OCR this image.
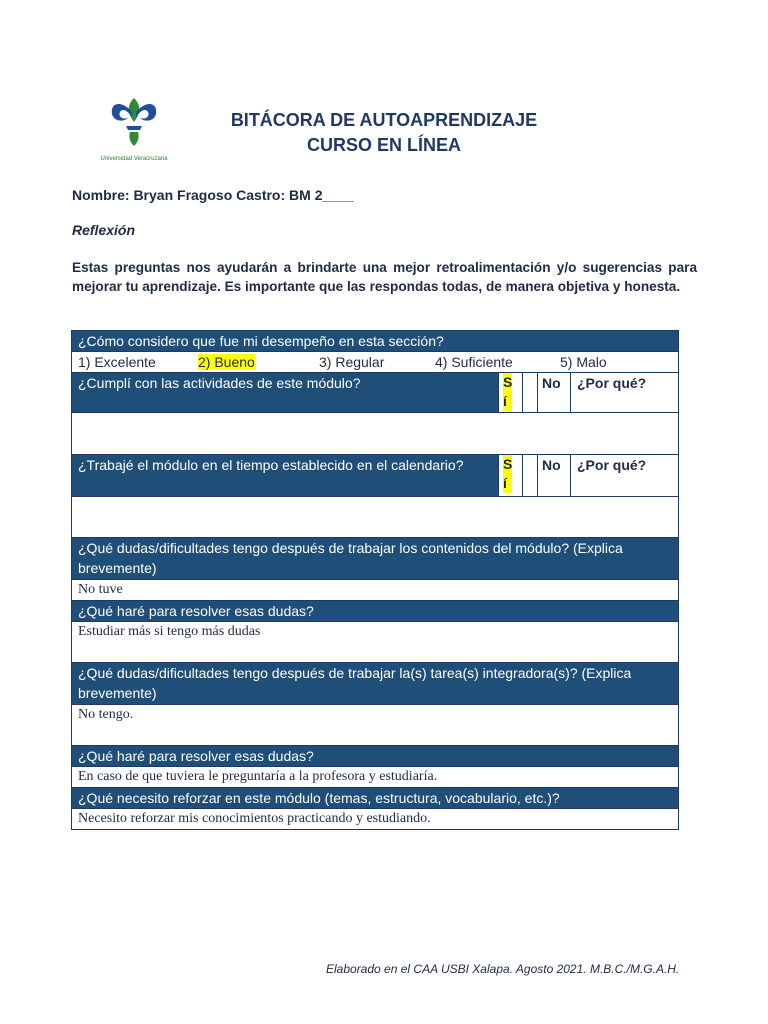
Universidad Veracruzana
BITÁCORA DE AUTOAPRENDIZAJE
CURSO EN LÍNEA
Nombre: Bryan Fragoso Castro: BM 2____
Reflexión
Estas preguntas nos ayudarán a brindarte una mejor retroalimentación y/o sugerencias para mejorar tu aprendizaje. Es importante que las respondas todas, de manera objetiva y honesta.
¿Cómo considero que fue mi desempeño en esta sección?				
1) Excelente 2) Bueno 3) Regular 4) Suficiente 5) Malo				
¿Cumplí con las actividades de este módulo?	Sí		No	¿Por qué?

¿Trabajé el módulo en el tiempo establecido en el calendario?	Sí		No	¿Por qué?

¿Qué dudas/dificultades tengo después de trabajar los contenidos del módulo? (Explica brevemente)				
No tuve				
¿Qué haré para resolver esas dudas?				
Estudiar más si tengo más dudas				
¿Qué dudas/dificultades tengo después de trabajar la(s) tarea(s) integradora(s)? (Explica brevemente)				
No tengo.				
¿Qué haré para resolver esas dudas?				
En caso de que tuviera le preguntaría a la profesora y estudiaría.				
¿Qué necesito reforzar en este módulo (temas, estructura, vocabulario, etc.)?				
Necesito reforzar mis conocimientos practicando y estudiando.				
Elaborado en el CAA USBI Xalapa. Agosto 2021. M.B.C./M.G.A.H.
